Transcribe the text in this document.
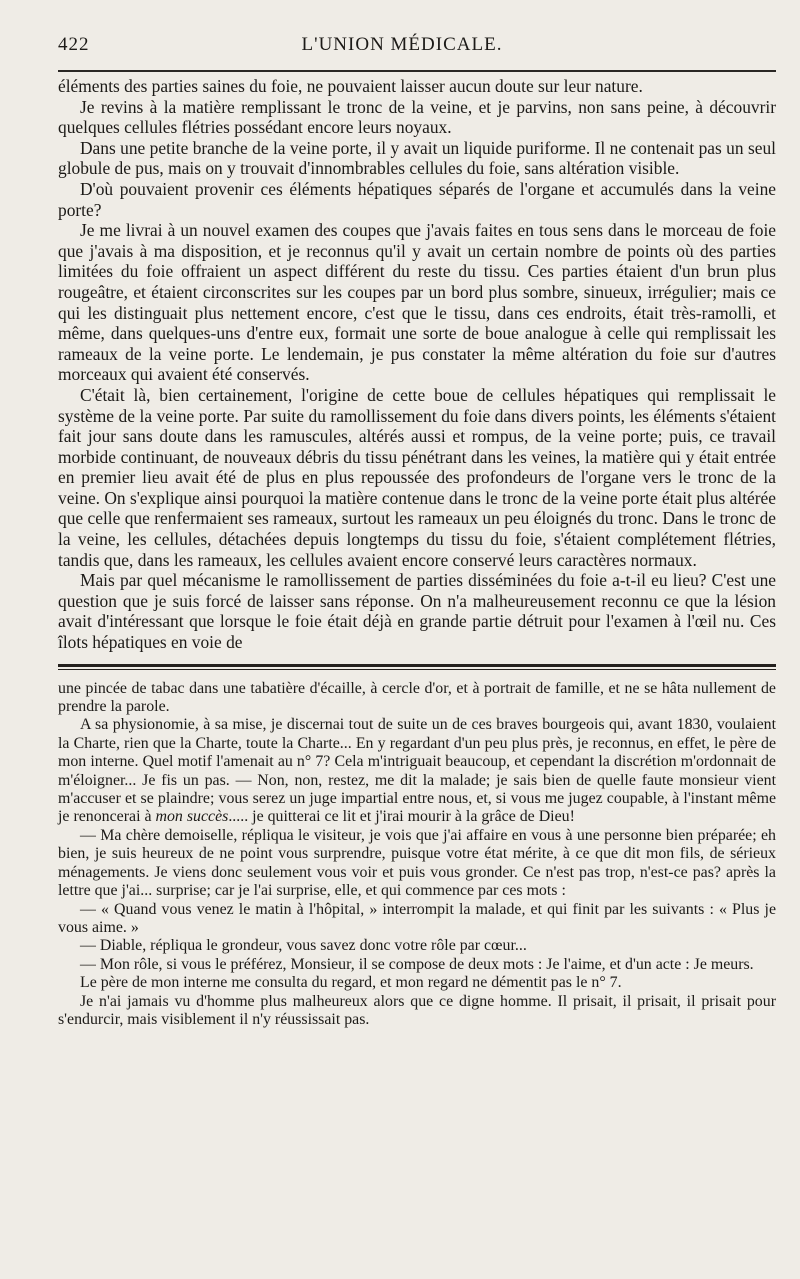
422	L'UNION MÉDICALE.

éléments des parties saines du foie, ne pouvaient laisser aucun doute sur leur nature.

Je revins à la matière remplissant le tronc de la veine, et je parvins, non sans peine, à découvrir quelques cellules flétries possédant encore leurs noyaux.

Dans une petite branche de la veine porte, il y avait un liquide puriforme. Il ne contenait pas un seul globule de pus, mais on y trouvait d'innombrables cellules du foie, sans altération visible.

D'où pouvaient provenir ces éléments hépatiques séparés de l'organe et accumulés dans la veine porte?

Je me livrai à un nouvel examen des coupes que j'avais faites en tous sens dans le morceau de foie que j'avais à ma disposition, et je reconnus qu'il y avait un certain nombre de points où des parties limitées du foie offraient un aspect différent du reste du tissu. Ces parties étaient d'un brun plus rougeâtre, et étaient circonscrites sur les coupes par un bord plus sombre, sinueux, irrégulier; mais ce qui les distinguait plus nettement encore, c'est que le tissu, dans ces endroits, était très-ramolli, et même, dans quelques-uns d'entre eux, formait une sorte de boue analogue à celle qui remplissait les rameaux de la veine porte. Le lendemain, je pus constater la même altération du foie sur d'autres morceaux qui avaient été conservés.

C'était là, bien certainement, l'origine de cette boue de cellules hépatiques qui remplissait le système de la veine porte. Par suite du ramollissement du foie dans divers points, les éléments s'étaient fait jour sans doute dans les ramuscules, altérés aussi et rompus, de la veine porte; puis, ce travail morbide continuant, de nouveaux débris du tissu pénétrant dans les veines, la matière qui y était entrée en premier lieu avait été de plus en plus repoussée des profondeurs de l'organe vers le tronc de la veine. On s'explique ainsi pourquoi la matière contenue dans le tronc de la veine porte était plus altérée que celle que renfermaient ses rameaux, surtout les rameaux un peu éloignés du tronc. Dans le tronc de la veine, les cellules, détachées depuis longtemps du tissu du foie, s'étaient complétement flétries, tandis que, dans les rameaux, les cellules avaient encore conservé leurs caractères normaux.

Mais par quel mécanisme le ramollissement de parties disséminées du foie a-t-il eu lieu? C'est une question que je suis forcé de laisser sans réponse. On n'a malheureusement reconnu ce que la lésion avait d'intéressant que lorsque le foie était déjà en grande partie détruit pour l'examen à l'œil nu. Ces îlots hépatiques en voie de

une pincée de tabac dans une tabatière d'écaille, à cercle d'or, et à portrait de famille, et ne se hâta nullement de prendre la parole.

A sa physionomie, à sa mise, je discernai tout de suite un de ces braves bourgeois qui, avant 1830, voulaient la Charte, rien que la Charte, toute la Charte... En y regardant d'un peu plus près, je reconnus, en effet, le père de mon interne. Quel motif l'amenait au n° 7? Cela m'intriguait beaucoup, et cependant la discrétion m'ordonnait de m'éloigner... Je fis un pas. — Non, non, restez, me dit la malade; je sais bien de quelle faute monsieur vient m'accuser et se plaindre; vous serez un juge impartial entre nous, et, si vous me jugez coupable, à l'instant même je renoncerai à mon succès..... je quitterai ce lit et j'irai mourir à la grâce de Dieu!

— Ma chère demoiselle, répliqua le visiteur, je vois que j'ai affaire en vous à une personne bien préparée; eh bien, je suis heureux de ne point vous surprendre, puisque votre état mérite, à ce que dit mon fils, de sérieux ménagements. Je viens donc seulement vous voir et puis vous gronder. Ce n'est pas trop, n'est-ce pas? après la lettre que j'ai... surprise; car je l'ai surprise, elle, et qui commence par ces mots :

— « Quand vous venez le matin à l'hôpital, » interrompit la malade, et qui finit par les suivants : « Plus je vous aime. »

— Diable, répliqua le grondeur, vous savez donc votre rôle par cœur...

— Mon rôle, si vous le préférez, Monsieur, il se compose de deux mots : Je l'aime, et d'un acte : Je meurs.

Le père de mon interne me consulta du regard, et mon regard ne démentit pas le n° 7.

Je n'ai jamais vu d'homme plus malheureux alors que ce digne homme. Il prisait, il prisait, il prisait pour s'endurcir, mais visiblement il n'y réussissait pas.
